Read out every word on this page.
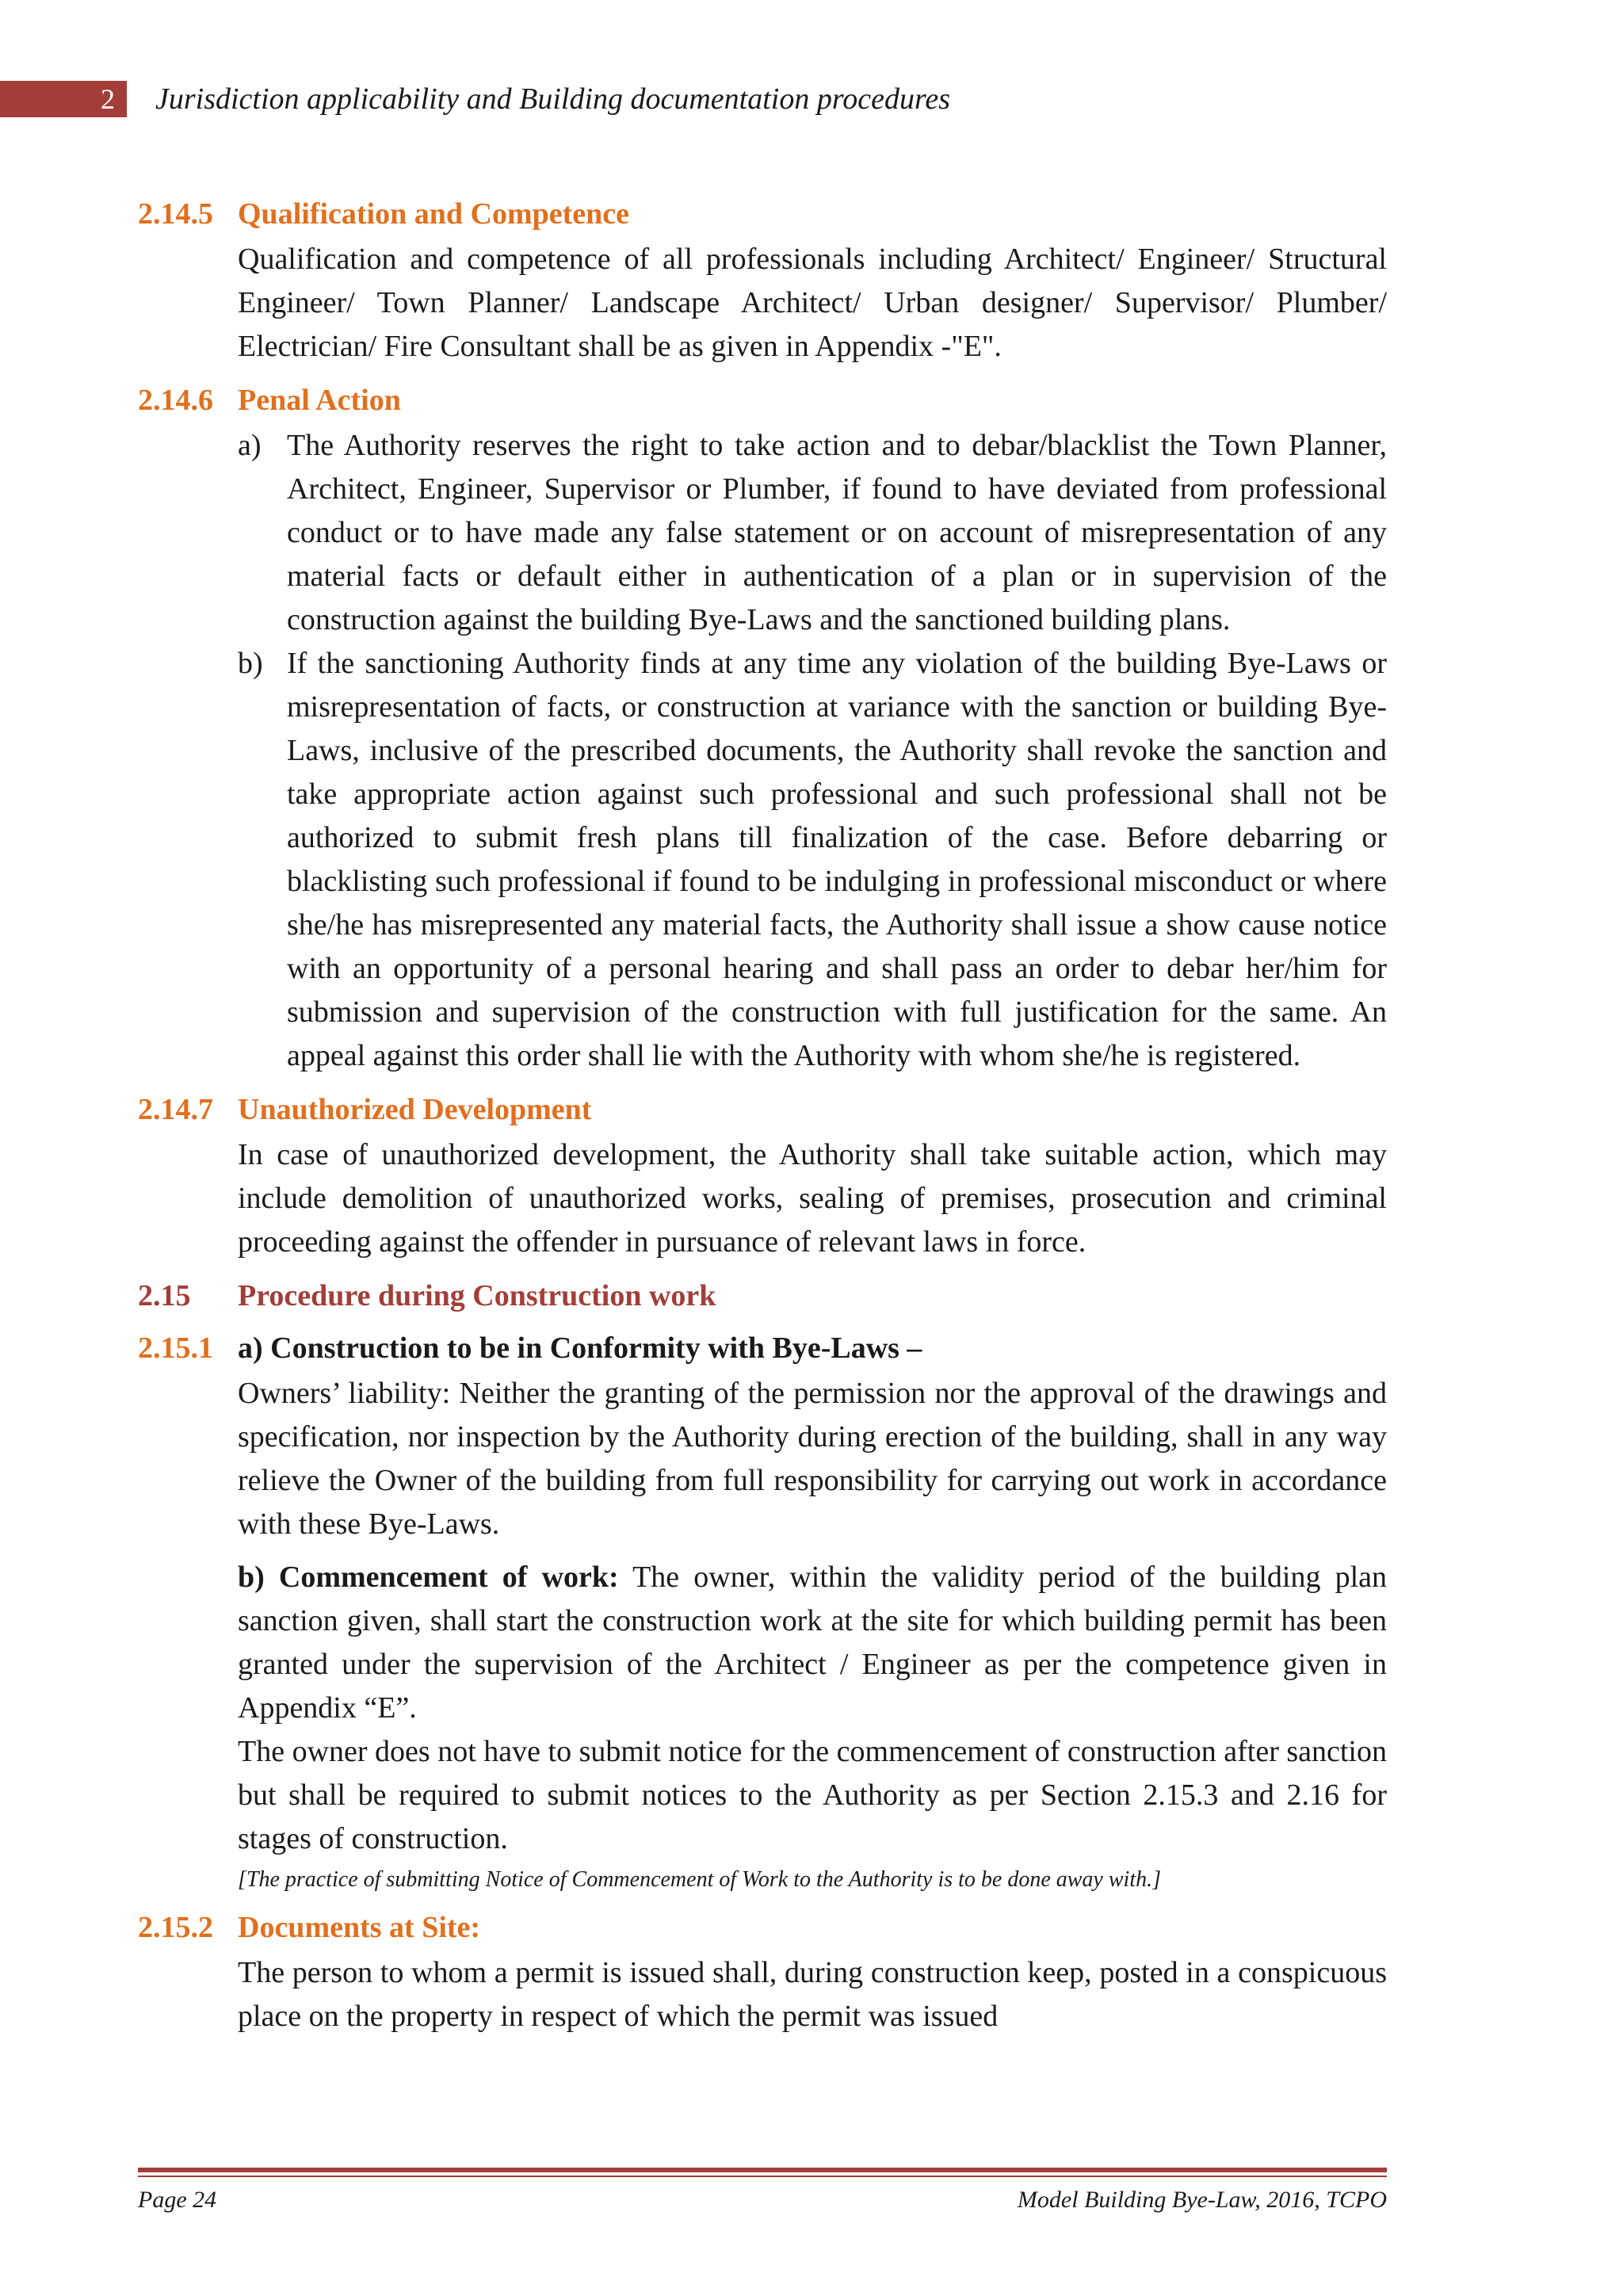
2	Jurisdiction applicability and Building documentation procedures
2.14.5 Qualification and Competence

Qualification and competence of all professionals including Architect/ Engineer/ Structural Engineer/ Town Planner/ Landscape Architect/ Urban designer/ Supervisor/ Plumber/ Electrician/ Fire Consultant shall be as given in Appendix -"E".

2.14.6 Penal Action
a) The Authority reserves the right to take action and to debar/blacklist the Town Planner, Architect, Engineer, Supervisor or Plumber, if found to have deviated from professional conduct or to have made any false statement or on account of misrepresentation of any material facts or default either in authentication of a plan or in supervision of the construction against the building Bye-Laws and the sanctioned building plans.

b) If the sanctioning Authority finds at any time any violation of the building Bye-Laws or misrepresentation of facts, or construction at variance with the sanction or building Bye-Laws, inclusive of the prescribed documents, the Authority shall revoke the sanction and take appropriate action against such professional and such professional shall not be authorized to submit fresh plans till finalization of the case. Before debarring or blacklisting such professional if found to be indulging in professional misconduct or where she/he has misrepresented any material facts, the Authority shall issue a show cause notice with an opportunity of a personal hearing and shall pass an order to debar her/him for submission and supervision of the construction with full justification for the same. An appeal against this order shall lie with the Authority with whom she/he is registered.

2.14.7 Unauthorized Development

In case of unauthorized development, the Authority shall take suitable action, which may include demolition of unauthorized works, sealing of premises, prosecution and criminal proceeding against the offender in pursuance of relevant laws in force.

2.15 Procedure during Construction work
2.15.1 a) Construction to be in Conformity with Bye-Laws –

Owners’ liability: Neither the granting of the permission nor the approval of the drawings and specification, nor inspection by the Authority during erection of the building, shall in any way relieve the Owner of the building from full responsibility for carrying out work in accordance with these Bye-Laws.

b) Commencement of work: The owner, within the validity period of the building plan sanction given, shall start the construction work at the site for which building permit has been granted under the supervision of the Architect / Engineer as per the competence given in Appendix “E”.

The owner does not have to submit notice for the commencement of construction after sanction but shall be required to submit notices to the Authority as per Section 2.15.3 and 2.16 for stages of construction.

[The practice of submitting Notice of Commencement of Work to the Authority is to be done away with.]

2.15.2 Documents at Site:

The person to whom a permit is issued shall, during construction keep, posted in a conspicuous place on the property in respect of which the permit was issued

Page 24	Model Building Bye-Law, 2016, TCPO
